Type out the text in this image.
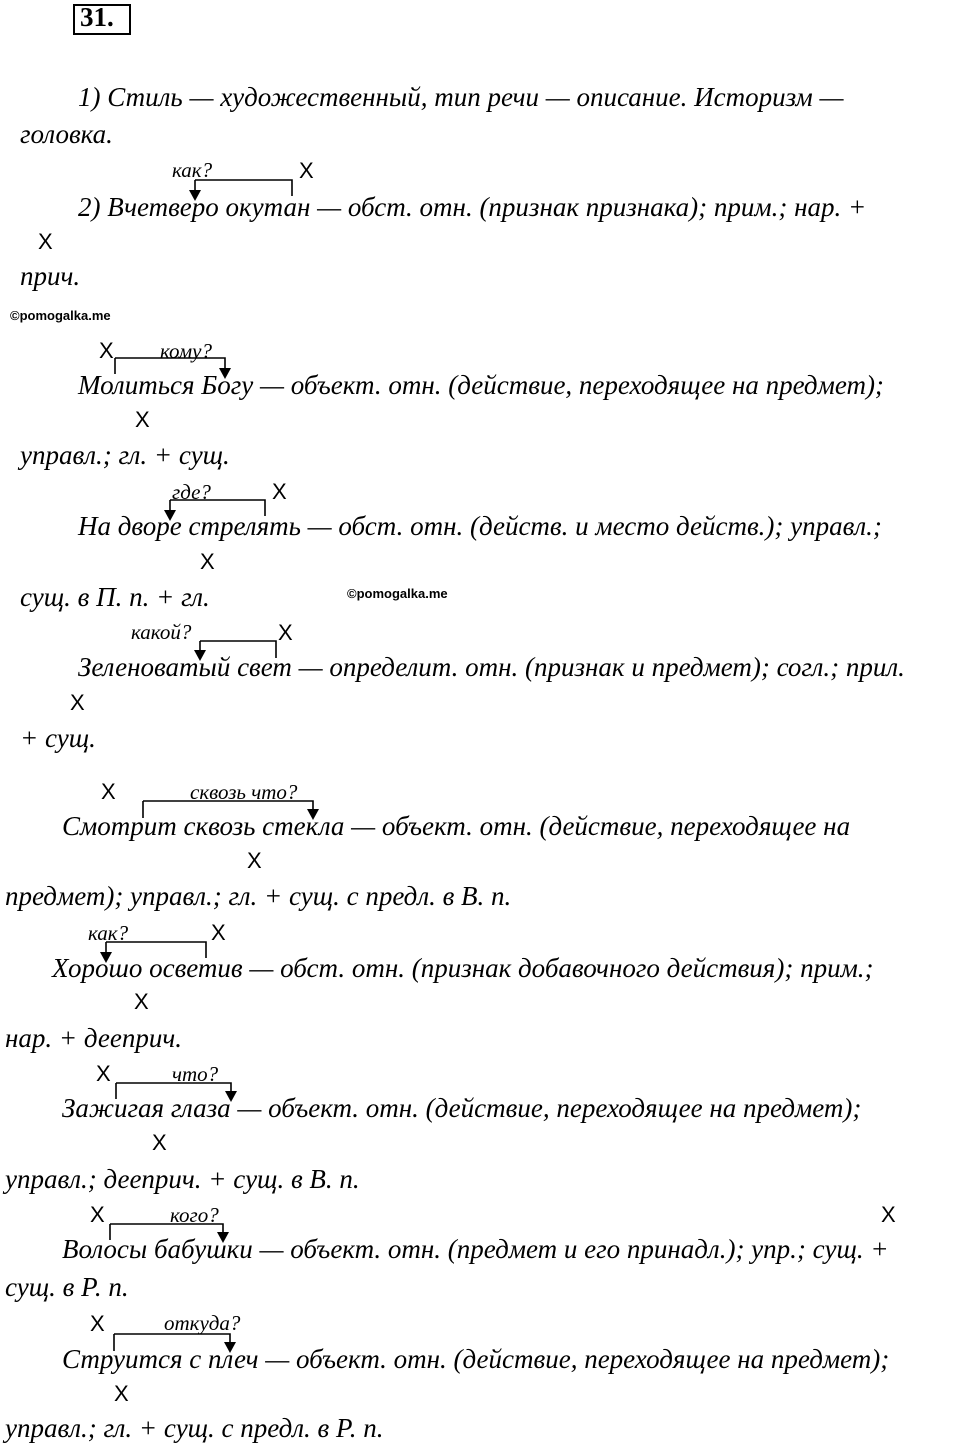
31.
1) Стиль — художественный, тип речи — описание. Историзм —
головка.
как?	X
2) Вчетверо окутан — обст. отн. (признак признака); прим.; нар. +
X
прич.
©pomogalka.me
X кому?
Молиться Богу — объект. отн. (действие, переходящее на предмет);
X
управл.; гл. + сущ.
где?	X
На дворе стрелять — обст. отн. (действ. и место действ.); управл.;
X
сущ. в П. п. + гл.	©pomogalka.me
какой?	X
Зеленоватый свет — определит. отн. (признак и предмет); согл.; прил.
X
+ сущ.
X	сквозь что?
Смотрит сквозь стекла — объект. отн. (действие, переходящее на
X
предмет); управл.; гл. + сущ. с предл. в В. п.
как?	X
Хорошо осветив — обст. отн. (признак добавочного действия); прим.;
X
нар. + дееприч.
X	что?
Зажигая глаза — объект. отн. (действие, переходящее на предмет);
X
управл.; дееприч. + сущ. в В. п.
X	кого?	X
Волосы бабушки — объект. отн. (предмет и его принадл.); упр.; сущ. +
сущ. в Р. п.
X	откуда?
Струится с плеч — объект. отн. (действие, переходящее на предмет);
X
управл.; гл. + сущ. с предл. в Р. п.
